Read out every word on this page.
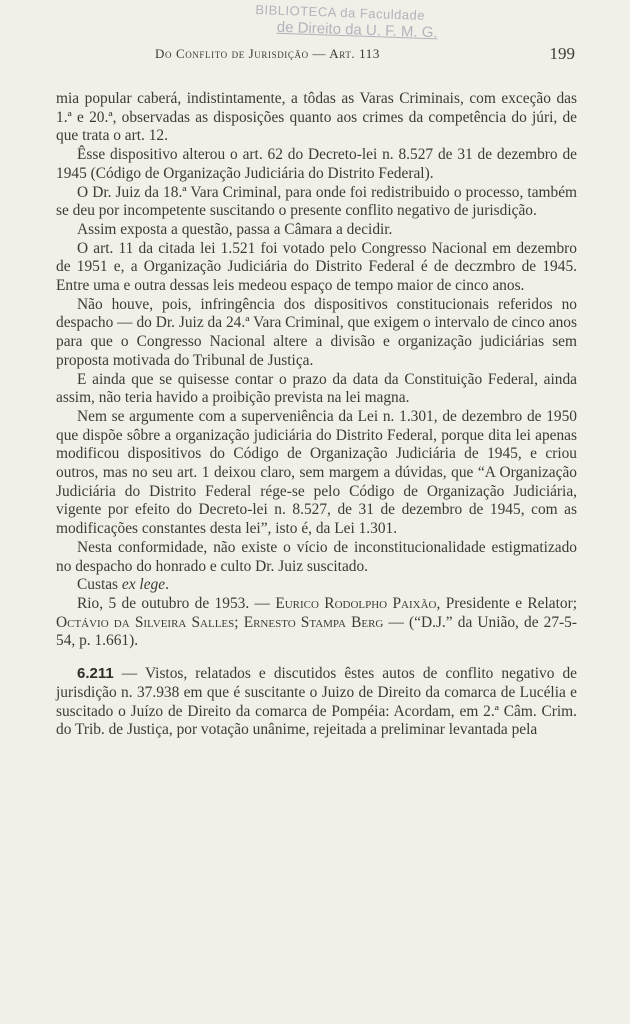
BIBLIOTECA da Faculdade
de Direito da U. F. M. G.
Do Conflito de Jurisdição — Art. 113	199

mia popular caberá, indistintamente, a tôdas as Varas Criminais, com exceção das 1.ª e 20.ª, observadas as disposições quanto aos crimes da competência do júri, de que trata o art. 12.

Êsse dispositivo alterou o art. 62 do Decreto-lei n. 8.527 de 31 de dezembro de 1945 (Código de Organização Judiciária do Distrito Federal).

O Dr. Juiz da 18.ª Vara Criminal, para onde foi redistribuido o processo, também se deu por incompetente suscitando o presente conflito negativo de jurisdição.

Assim exposta a questão, passa a Câmara a decidir.

O art. 11 da citada lei 1.521 foi votado pelo Congresso Nacional em dezembro de 1951 e, a Organização Judiciária do Distrito Federal é de deczmbro de 1945. Entre uma e outra dessas leis medeou espaço de tempo maior de cinco anos.

Não houve, pois, infringência dos dispositivos constitucionais referidos no despacho — do Dr. Juiz da 24.ª Vara Criminal, que exigem o intervalo de cinco anos para que o Congresso Nacional altere a divisão e organização judiciárias sem proposta motivada do Tribunal de Justiça.

E ainda que se quisesse contar o prazo da data da Constituição Federal, ainda assim, não teria havido a proibição prevista na lei magna.

Nem se argumente com a superveniência da Lei n. 1.301, de dezembro de 1950 que dispõe sôbre a organização judiciária do Distrito Federal, porque dita lei apenas modificou dispositivos do Código de Organização Judiciária de 1945, e criou outros, mas no seu art. 1 deixou claro, sem margem a dúvidas, que “A Organização Judiciária do Distrito Federal rége-se pelo Código de Organização Judiciária, vigente por efeito do Decreto-lei n. 8.527, de 31 de dezembro de 1945, com as modificações constantes desta lei”, isto é, da Lei 1.301.

Nesta conformidade, não existe o vício de inconstitucionalidade estigmatizado no despacho do honrado e culto Dr. Juiz suscitado.

Custas ex lege.

Rio, 5 de outubro de 1953. — Eurico Rodolpho Paixão, Presidente e Relator; Octávio da Silveira Salles; Ernesto Stampa Berg — (“D.J.” da União, de 27-5-54, p. 1.661).

6.211 — Vistos, relatados e discutidos êstes autos de conflito negativo de jurisdição n. 37.938 em que é suscitante o Juizo de Direito da comarca de Lucélia e suscitado o Juízo de Direito da comarca de Pompéia: Acordam, em 2.ª Câm. Crim. do Trib. de Justiça, por votação unânime, rejeitada a preliminar levantada pela
